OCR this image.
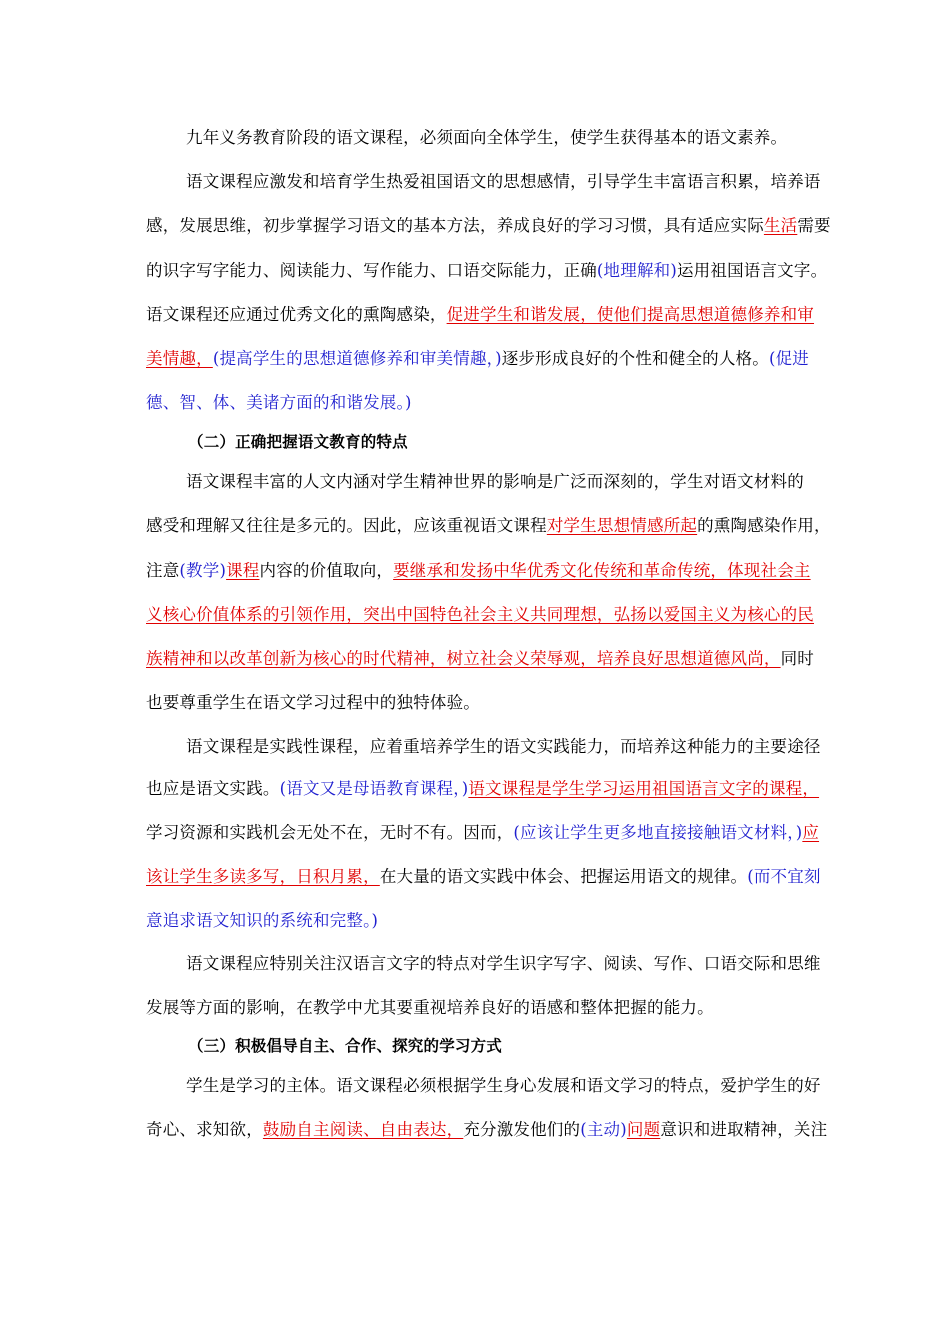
九年义务教育阶段的语文课程，必须面向全体学生，使学生获得基本的语文素养。
语文课程应激发和培育学生热爱祖国语文的思想感情，引导学生丰富语言积累，培养语
感，发展思维，初步掌握学习语文的基本方法，养成良好的学习习惯，具有适应实际生活需要
的识字写字能力、阅读能力、写作能力、口语交际能力，正确(地理解和)运用祖国语言文字。
语文课程还应通过优秀文化的熏陶感染，促进学生和谐发展，使他们提高思想道德修养和审
美情趣，(提高学生的思想道德修养和审美情趣，)逐步形成良好的个性和健全的人格。(促进
德、智、体、美诸方面的和谐发展。)
（二）正确把握语文教育的特点
语文课程丰富的人文内涵对学生精神世界的影响是广泛而深刻的，学生对语文材料的
感受和理解又往往是多元的。因此，应该重视语文课程对学生思想情感所起的熏陶感染作用，
注意(教学)课程内容的价值取向，要继承和发扬中华优秀文化传统和革命传统，体现社会主
义核心价值体系的引领作用，突出中国特色社会主义共同理想，弘扬以爱国主义为核心的民
族精神和以改革创新为核心的时代精神，树立社会义荣辱观，培养良好思想道德风尚，同时
也要尊重学生在语文学习过程中的独特体验。
语文课程是实践性课程，应着重培养学生的语文实践能力，而培养这种能力的主要途径
也应是语文实践。(语文又是母语教育课程，)语文课程是学生学习运用祖国语言文字的课程，
学习资源和实践机会无处不在，无时不有。因而，(应该让学生更多地直接接触语文材料，)应
该让学生多读多写，日积月累，在大量的语文实践中体会、把握运用语文的规律。(而不宜刻
意追求语文知识的系统和完整。)
语文课程应特别关注汉语言文字的特点对学生识字写字、阅读、写作、口语交际和思维
发展等方面的影响，在教学中尤其要重视培养良好的语感和整体把握的能力。
（三）积极倡导自主、合作、探究的学习方式
学生是学习的主体。语文课程必须根据学生身心发展和语文学习的特点，爱护学生的好
奇心、求知欲，鼓励自主阅读、自由表达，充分激发他们的(主动)问题意识和进取精神，关注
